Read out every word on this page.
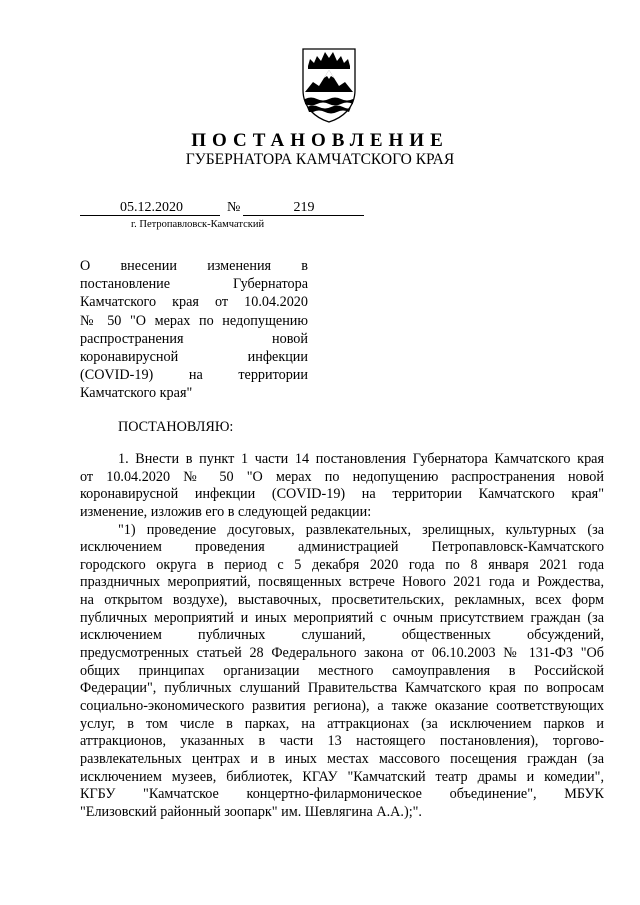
ПОСТАНОВЛЕНИЕ
ГУБЕРНАТОРА КАМЧАТСКОГО КРАЯ
05.12.2020	№	219
г. Петропавловск-Камчатский
О внесении изменения в
постановление Губернатора
Камчатского края от 10.04.2020
№ 50 "О мерах по недопущению
распространения новой
коронавирусной инфекции
(COVID-19) на территории
Камчатского края"
ПОСТАНОВЛЯЮ:
1. Внести в пункт 1 части 14 постановления Губернатора Камчатского края
от 10.04.2020 № 50 "О мерах по недопущению распространения новой
коронавирусной инфекции (COVID-19) на территории Камчатского края"
изменение, изложив его в следующей редакции:
"1) проведение досуговых, развлекательных, зрелищных, культурных (за
исключением проведения администрацией Петропавловск-Камчатского
городского округа в период с 5 декабря 2020 года по 8 января 2021 года
праздничных мероприятий, посвященных встрече Нового 2021 года и Рождества,
на открытом воздухе), выставочных, просветительских, рекламных, всех форм
публичных мероприятий и иных мероприятий с очным присутствием граждан (за
исключением публичных слушаний, общественных обсуждений,
предусмотренных статьей 28 Федерального закона от 06.10.2003 № 131-ФЗ "Об
общих принципах организации местного самоуправления в Российской
Федерации", публичных слушаний Правительства Камчатского края по вопросам
социально-экономического развития региона), а также оказание соответствующих
услуг, в том числе в парках, на аттракционах (за исключением парков и
аттракционов, указанных в части 13 настоящего постановления), торгово-
развлекательных центрах и в иных местах массового посещения граждан (за
исключением музеев, библиотек, КГАУ "Камчатский театр драмы и комедии",
КГБУ "Камчатское концертно-филармоническое объединение", МБУК
"Елизовский районный зоопарк" им. Шевлягина А.А.);".
